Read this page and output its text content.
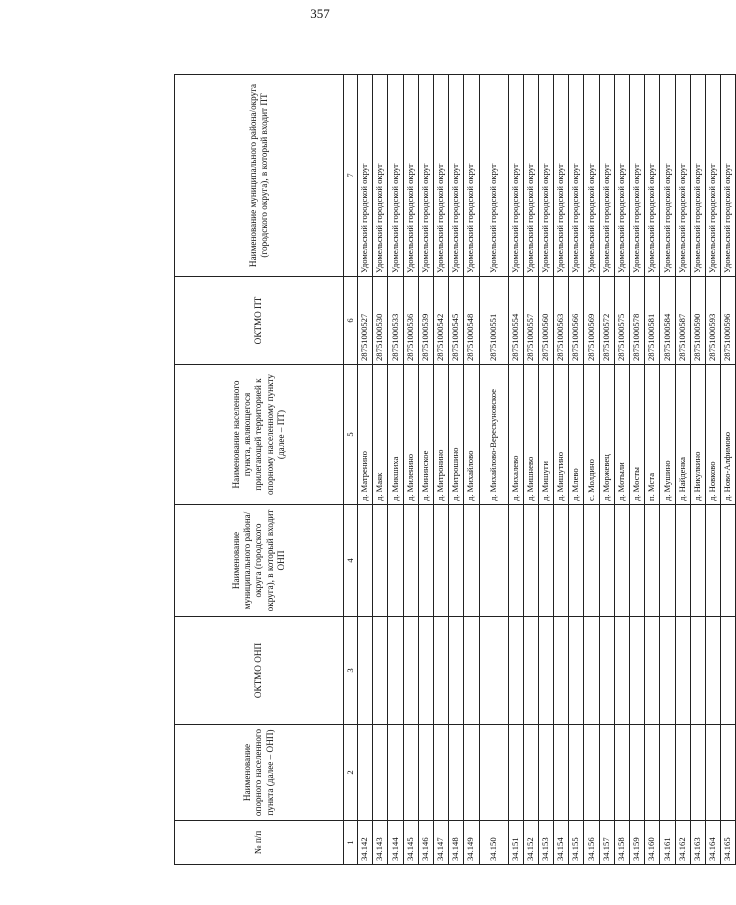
357
№ п/п	Наименование опорного населенного пункта (далее – ОНП)	ОКТМО ОНП	Наименование муниципального района/округа (городского округа), в который входит ОНП	Наименование населенного пункта, являющегося прилегающей территорией к опорному населенному пункту (далее – ПТ)	ОКТМО ПТ	Наименование муниципального района/округа (городского округа), в который входит ПТ
1	2	3	4	5	6	7
34.142				д. Матренино	28751000527	Удомельский городской округ
34.143				д. Маяк	28751000530	Удомельский городской округ
34.144				д. Микшиха	28751000533	Удомельский городской округ
34.145				д. Миленино	28751000536	Удомельский городской округ
34.146				д. Мининское	28751000539	Удомельский городской округ
34.147				д. Митронино	28751000542	Удомельский городской округ
34.148				д. Митрошино	28751000545	Удомельский городской округ
34.149				д. Михайлово	28751000548	Удомельский городской округ
34.150				д. Михайлово-Верескуновское	28751000551	Удомельский городской округ
34.151				д. Михалево	28751000554	Удомельский городской округ
34.152				д. Мишнево	28751000557	Удомельский городской округ
34.153				д. Мишуги	28751000560	Удомельский городской округ
34.154				д. Мишутино	28751000563	Удомельский городской округ
34.155				д. Млево	28751000566	Удомельский городской округ
34.156				с. Молдино	28751000569	Удомельский городской округ
34.157				д. Моржевец	28751000572	Удомельский городской округ
34.158				д. Мотыли	28751000575	Удомельский городской округ
34.159				д. Мосты	28751000578	Удомельский городской округ
34.160				п. Мста	28751000581	Удомельский городской округ
34.161				д. Мушино	28751000584	Удомельский городской округ
34.162				д. Найденка	28751000587	Удомельский городской округ
34.163				д. Никулкино	28751000590	Удомельский городской округ
34.164				д. Новково	28751000593	Удомельский городской округ
34.165				д. Ново-Алфимово	28751000596	Удомельский городской округ
